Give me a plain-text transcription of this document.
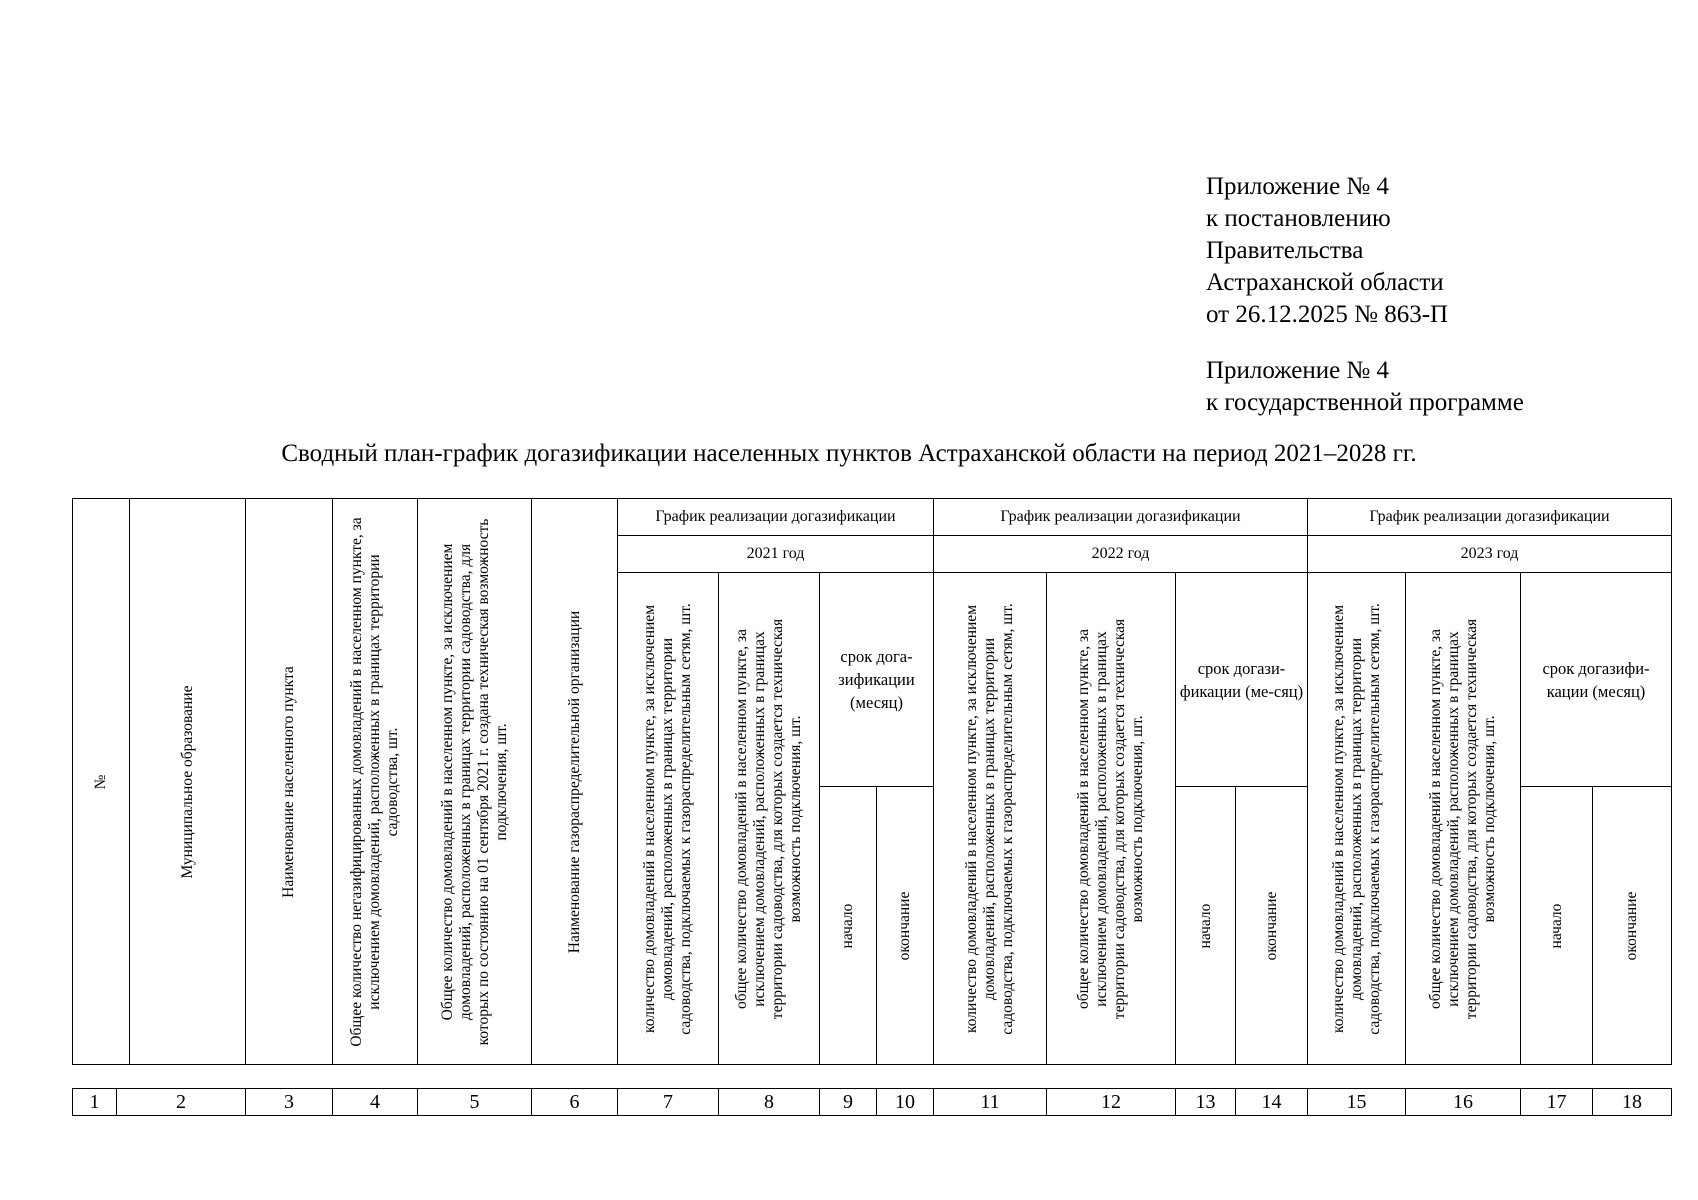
Приложение № 4
к постановлению
Правительства
Астраханской области
от 26.12.2025 № 863-П
Приложение № 4
к государственной программе
Сводный план-график догазификации населенных пунктов Астраханской области на период 2021–2028 гг.
№	Муниципальное образование	Наименование населенного пункта	Общее количество негазифицированных домовладений в населенном пункте, за исключением домовладений, расположенных в границах территории садоводства, шт.	Общее количество домовладений в населенном пункте, за исключением домовладений, расположенных в границах территории садоводства, для которых по состоянию на 01 сентября 2021 г. создана техническая возможность подключения, шт.	Наименование газораспределительной организации	График реализации догазификации				График реализации догазификации				График реализации догазификации			
						2021 год				2022 год				2023 год			

						количество домовладений в населенном пункте, за исключением домовладений, расположенных в границах территории садоводства, подключаемых к газораспределительным сетям, шт.	общее количество домовладений в населенном пункте, за исключением домовладений, расположенных в границах территории садоводства, для которых создается техническая возможность подключения, шт.	срок дога-зификации (месяц)		количество домовладений в населенном пункте, за исключением домовладений, расположенных в границах территории садоводства, подключаемых к газораспределительным сетям, шт.	общее количество домовладений в населенном пункте, за исключением домовладений, расположенных в границах территории садоводства, для которых создается техническая возможность подключения, шт.	срок догази-фикации (ме-сяц)		количество домовладений в населенном пункте, за исключением домовладений, расположенных в границах территории садоводства, подключаемых к газораспределительным сетям, шт.	общее количество домовладений в населенном пункте, за исключением домовладений, расположенных в границах территории садоводства, для которых создается техническая возможность подключения, шт.	срок догазифи-кации (месяц)	

								начало	окончание			начало	окончание			начало	окончание
1	2	3	4	5	6	7	8	9	10	11	12	13	14	15	16	17	18
